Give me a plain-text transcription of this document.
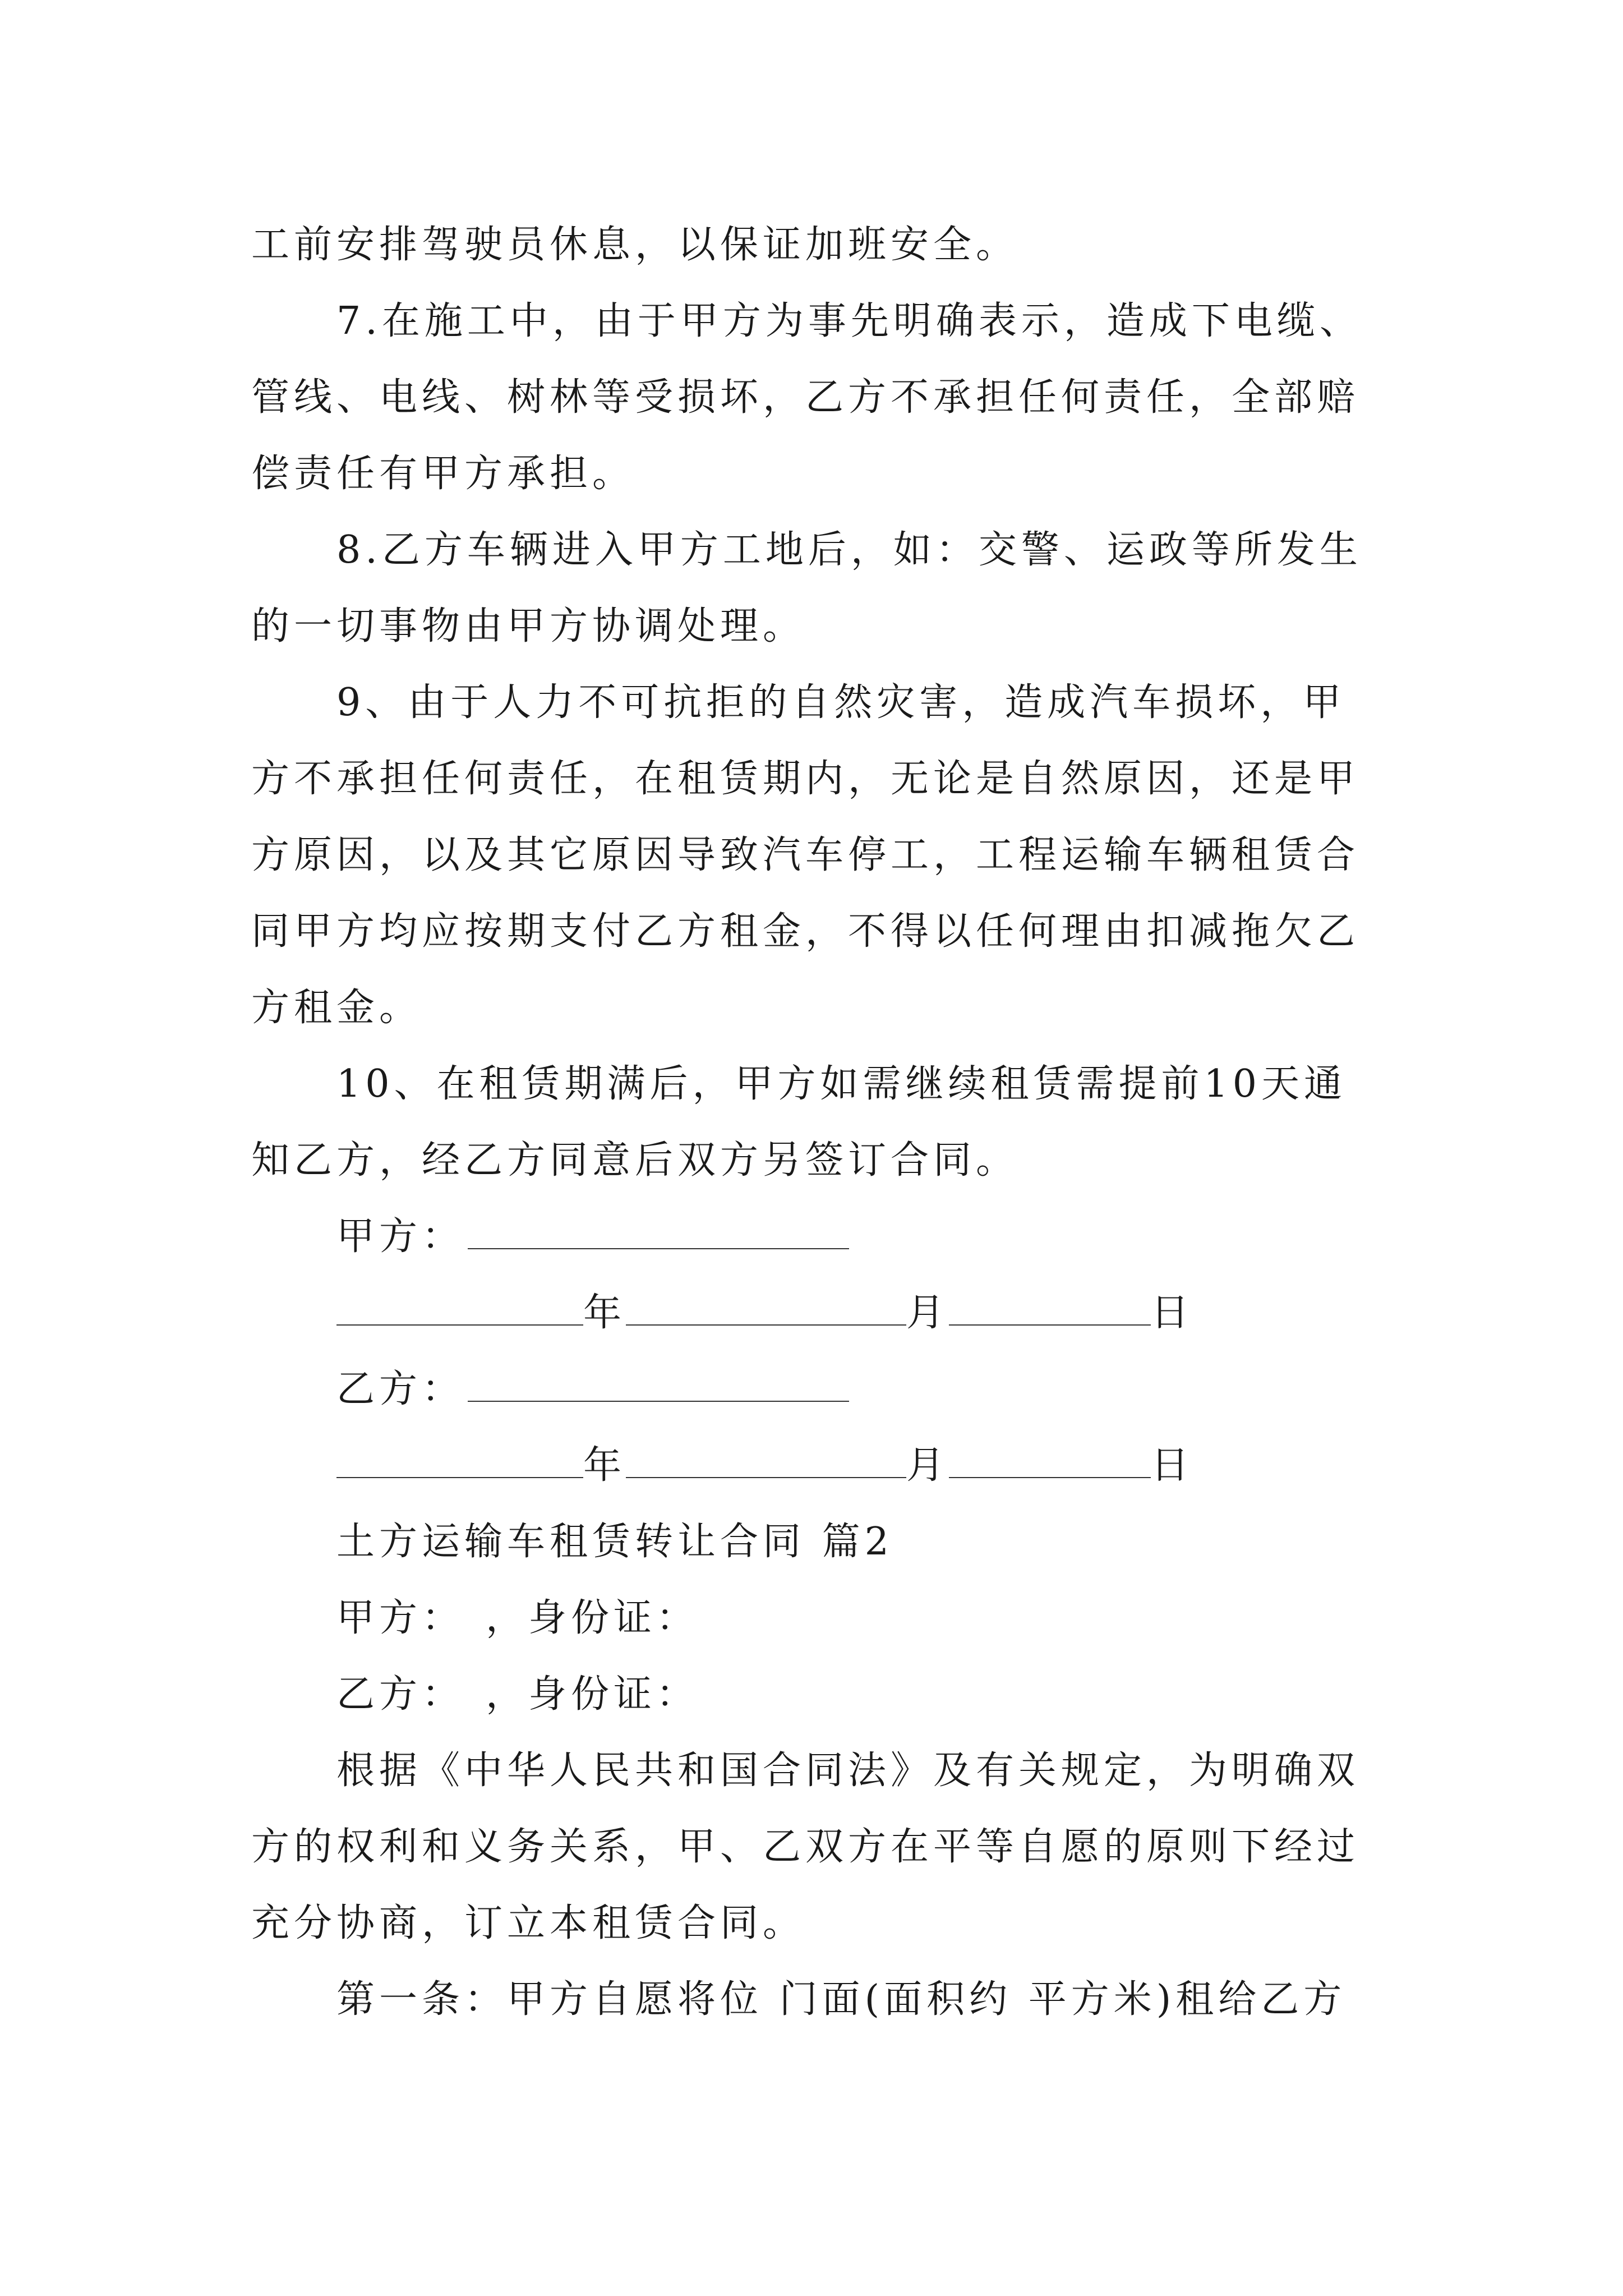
工前安排驾驶员休息，以保证加班安全。
7.在施工中，由于甲方为事先明确表示，造成下电缆、
管线、电线、树林等受损坏，乙方不承担任何责任，全部赔
偿责任有甲方承担。
8.乙方车辆进入甲方工地后，如：交警、运政等所发生
的一切事物由甲方协调处理。
9、由于人力不可抗拒的自然灾害，造成汽车损坏，甲
方不承担任何责任，在租赁期内，无论是自然原因，还是甲
方原因，以及其它原因导致汽车停工，工程运输车辆租赁合
同甲方均应按期支付乙方租金，不得以任何理由扣减拖欠乙
方租金。
10、在租赁期满后，甲方如需继续租赁需提前10天通
知乙方，经乙方同意后双方另签订合同。
甲方：
年	月	日
乙方：
年	月	日
土方运输车租赁转让合同 篇2
甲方： ，身份证：
乙方： ，身份证：
根据《中华人民共和国合同法》及有关规定，为明确双
方的权利和义务关系，甲、乙双方在平等自愿的原则下经过
充分协商，订立本租赁合同。
第一条：甲方自愿将位 门面(面积约 平方米)租给乙方
